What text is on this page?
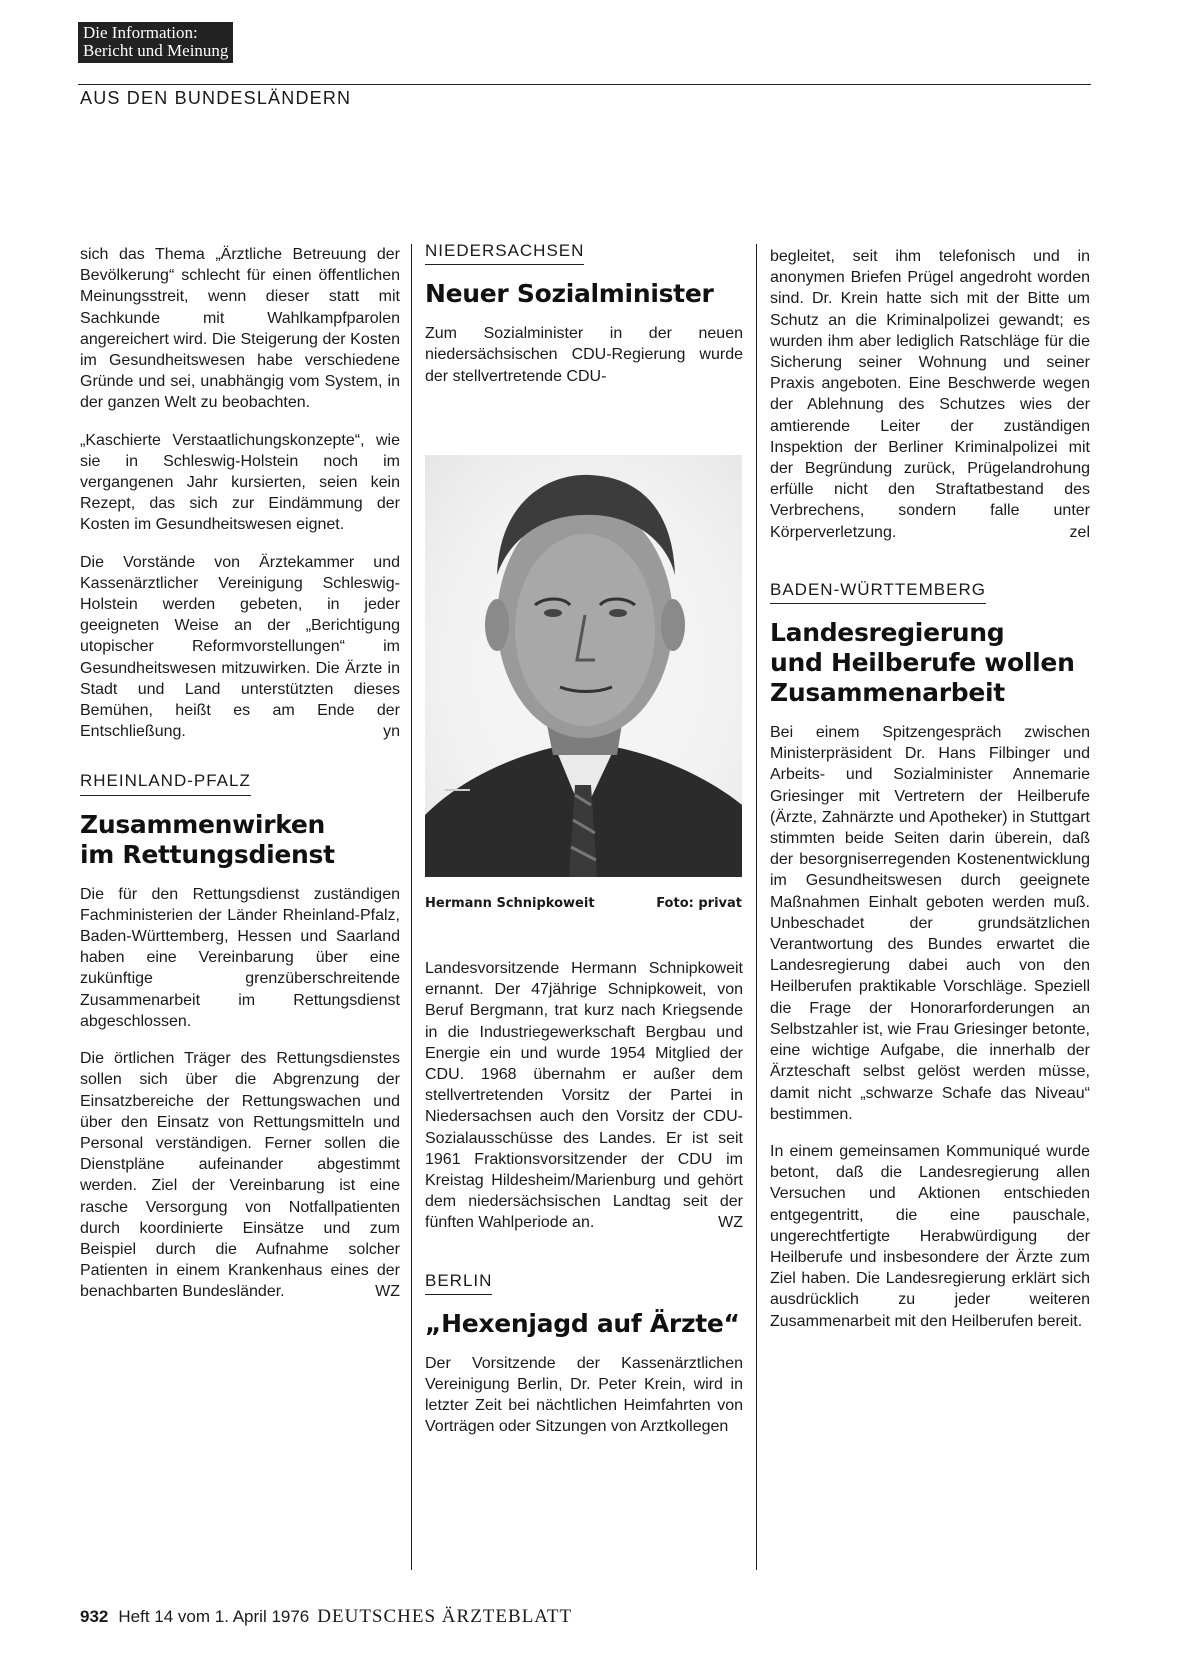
Die Information:
Bericht und Meinung
AUS DEN BUNDESLÄNDERN

sich das Thema „Ärztliche Betreuung der Bevölkerung“ schlecht für einen öffentlichen Meinungsstreit, wenn dieser statt mit Sachkunde mit Wahlkampfparolen angereichert wird. Die Steigerung der Kosten im Gesundheitswesen habe verschiedene Gründe und sei, unabhängig vom System, in der ganzen Welt zu beobachten.

„Kaschierte Verstaatlichungskonzepte“, wie sie in Schleswig-Holstein noch im vergangenen Jahr kursierten, seien kein Rezept, das sich zur Eindämmung der Kosten im Gesundheitswesen eignet.

Die Vorstände von Ärztekammer und Kassenärztlicher Vereinigung Schleswig-Holstein werden gebeten, in jeder geeigneten Weise an der „Berichtigung utopischer Reformvorstellungen“ im Gesundheitswesen mitzuwirken. Die Ärzte in Stadt und Land unterstützten dieses Bemühen, heißt es am Ende der Entschließung.	yn

RHEINLAND-PFALZ
Zusammenwirken
im Rettungsdienst

Die für den Rettungsdienst zuständigen Fachministerien der Länder Rheinland-Pfalz, Baden-Württemberg, Hessen und Saarland haben eine Vereinbarung über eine zukünftige grenzüberschreitende Zusammenarbeit im Rettungsdienst abgeschlossen.

Die örtlichen Träger des Rettungsdienstes sollen sich über die Abgrenzung der Einsatzbereiche der Rettungswachen und über den Einsatz von Rettungsmitteln und Personal verständigen. Ferner sollen die Dienstpläne aufeinander abgestimmt werden. Ziel der Vereinbarung ist eine rasche Versorgung von Notfallpatienten durch koordinierte Einsätze und zum Beispiel durch die Aufnahme solcher Patienten in einem Krankenhaus eines der benachbarten Bundesländer.	WZ

NIEDERSACHSEN
Neuer Sozialminister

Zum Sozialminister in der neuen niedersächsischen CDU-Regierung wurde der stellvertretende CDU-

Hermann Schnipkoweit	Foto: privat

Landesvorsitzende Hermann Schnipkoweit ernannt. Der 47jährige Schnipkoweit, von Beruf Bergmann, trat kurz nach Kriegsende in die Industriegewerkschaft Bergbau und Energie ein und wurde 1954 Mitglied der CDU. 1968 übernahm er außer dem stellvertretenden Vorsitz der Partei in Niedersachsen auch den Vorsitz der CDU-Sozialausschüsse des Landes. Er ist seit 1961 Fraktionsvorsitzender der CDU im Kreistag Hildesheim/Marienburg und gehört dem niedersächsischen Landtag seit der fünften Wahlperiode an.	WZ

BERLIN
„Hexenjagd auf Ärzte“

Der Vorsitzende der Kassenärztlichen Vereinigung Berlin, Dr. Peter Krein, wird in letzter Zeit bei nächtlichen Heimfahrten von Vorträgen oder Sitzungen von Arztkollegen

begleitet, seit ihm telefonisch und in anonymen Briefen Prügel angedroht worden sind. Dr. Krein hatte sich mit der Bitte um Schutz an die Kriminalpolizei gewandt; es wurden ihm aber lediglich Ratschläge für die Sicherung seiner Wohnung und seiner Praxis angeboten. Eine Beschwerde wegen der Ablehnung des Schutzes wies der amtierende Leiter der zuständigen Inspektion der Berliner Kriminalpolizei mit der Begründung zurück, Prügelandrohung erfülle nicht den Straftatbestand des Verbrechens, sondern falle unter Körperverletzung.	zel

BADEN-WÜRTTEMBERG
Landesregierung
und Heilberufe wollen
Zusammenarbeit

Bei einem Spitzengespräch zwischen Ministerpräsident Dr. Hans Filbinger und Arbeits- und Sozialminister Annemarie Griesinger mit Vertretern der Heilberufe (Ärzte, Zahnärzte und Apotheker) in Stuttgart stimmten beide Seiten darin überein, daß der besorgniserregenden Kostenentwicklung im Gesundheitswesen durch geeignete Maßnahmen Einhalt geboten werden muß. Unbeschadet der grundsätzlichen Verantwortung des Bundes erwartet die Landesregierung dabei auch von den Heilberufen praktikable Vorschläge. Speziell die Frage der Honorarforderungen an Selbstzahler ist, wie Frau Griesinger betonte, eine wichtige Aufgabe, die innerhalb der Ärzteschaft selbst gelöst werden müsse, damit nicht „schwarze Schafe das Niveau“ bestimmen.

In einem gemeinsamen Kommuniqué wurde betont, daß die Landesregierung allen Versuchen und Aktionen entschieden entgegentritt, die eine pauschale, ungerechtfertigte Herabwürdigung der Heilberufe und insbesondere der Ärzte zum Ziel haben. Die Landesregierung erklärt sich ausdrücklich zu jeder weiteren Zusammenarbeit mit den Heilberufen bereit.

932 Heft 14 vom 1. April 1976 DEUTSCHES ÄRZTEBLATT
